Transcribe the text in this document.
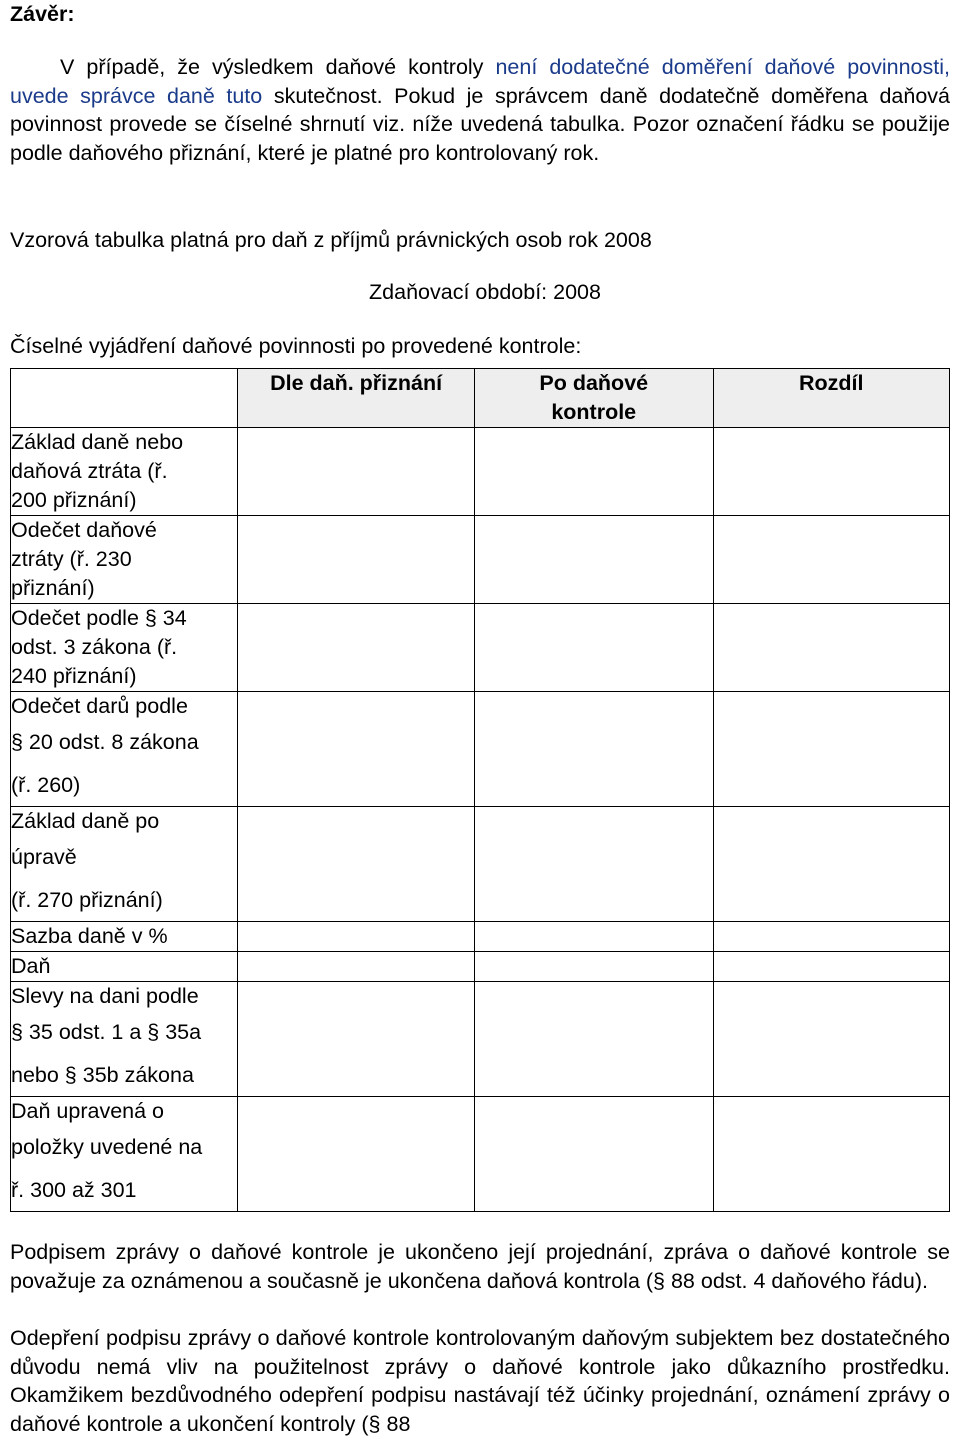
Závěr:
V případě, že výsledkem daňové kontroly není dodatečné doměření daňové povinnosti, uvede správce daně tuto skutečnost. Pokud je správcem daně dodatečně doměřena daňová povinnost provede se číselné shrnutí viz. níže uvedená tabulka. Pozor označení řádku se použije podle daňového přiznání, které je platné pro kontrolovaný rok.
Vzorová tabulka platná pro daň z příjmů právnických osob rok 2008
Zdaňovací období: 2008
Číselné vyjádření daňové povinnosti po provedené kontrole:
	Dle daň. přiznání	Po daňové kontrole	Rozdíl

Základ daně nebo
daňová ztráta (ř.
200 přiznání)			

Odečet daňové
ztráty (ř. 230
přiznání)			

Odečet podle § 34
odst. 3 zákona (ř.
240 přiznání)			

Odečet darů podle
§ 20 odst. 8 zákona
(ř. 260)			

Základ daně po
úpravě
(ř. 270 přiznání)			

Sazba daně v %			

Daň			

Slevy na dani podle
§ 35 odst. 1 a § 35a
nebo § 35b zákona			

Daň upravená o
položky uvedené na
ř. 300 až 301			

Podpisem zprávy o daňové kontrole je ukončeno její projednání, zpráva o daňové kontrole se považuje za oznámenou a současně je ukončena daňová kontrola (§ 88 odst. 4 daňového řádu).
Odepření podpisu zprávy o daňové kontrole kontrolovaným daňovým subjektem bez dostatečného důvodu nemá vliv na použitelnost zprávy o daňové kontrole jako důkazního prostředku. Okamžikem bezdůvodného odepření podpisu nastávají též účinky projednání, oznámení zprávy o daňové kontrole a ukončení kontroly (§ 88
